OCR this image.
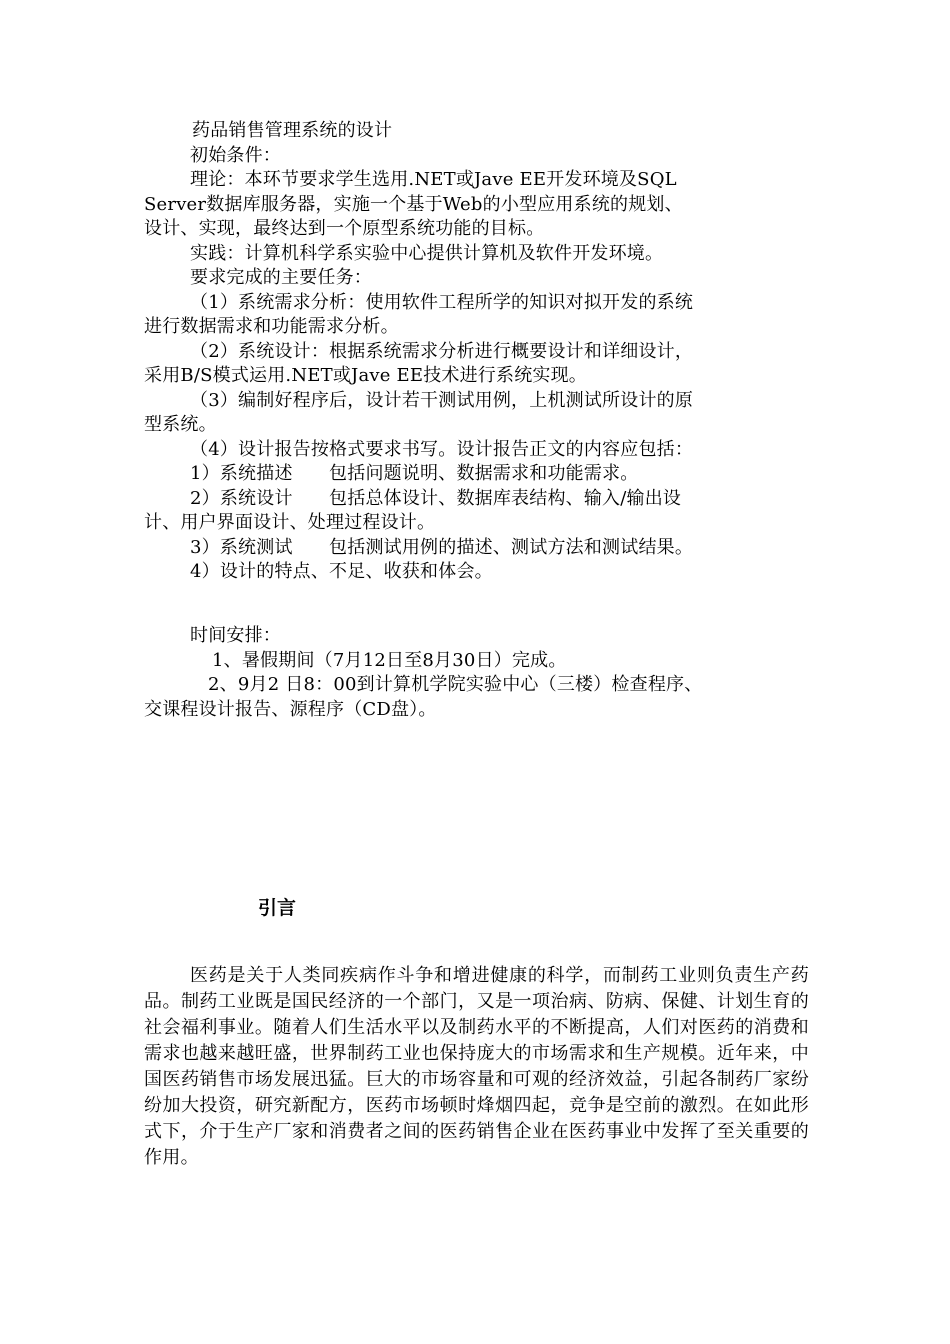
药品销售管理系统的设计
初始条件：
理论：本环节要求学生选用.NET或Jave EE开发环境及SQL
Server数据库服务器，实施一个基于Web的小型应用系统的规划、
设计、实现，最终达到一个原型系统功能的目标。
实践：计算机科学系实验中心提供计算机及软件开发环境。
要求完成的主要任务：
（1）系统需求分析：使用软件工程所学的知识对拟开发的系统
进行数据需求和功能需求分析。
（2）系统设计：根据系统需求分析进行概要设计和详细设计，
采用B/S模式运用.NET或Jave EE技术进行系统实现。
（3）编制好程序后，设计若干测试用例，上机测试所设计的原
型系统。
（4）设计报告按格式要求书写。设计报告正文的内容应包括：
1）系统描述　　包括问题说明、数据需求和功能需求。
2）系统设计　　包括总体设计、数据库表结构、输入/输出设
计、用户界面设计、处理过程设计。
3）系统测试　　包括测试用例的描述、测试方法和测试结果。
4）设计的特点、不足、收获和体会。
时间安排：
1、暑假期间（7月12日至8月30日）完成。
2、9月2 日8：00到计算机学院实验中心（三楼）检查程序、
交课程设计报告、源程序（CD盘）。
引言
医药是关于人类同疾病作斗争和增进健康的科学，而制药工业则负责生产药品。制药工业既是国民经济的一个部门，又是一项治病、防病、保健、计划生育的社会福利事业。随着人们生活水平以及制药水平的不断提高，人们对医药的消费和需求也越来越旺盛，世界制药工业也保持庞大的市场需求和生产规模。近年来，中国医药销售市场发展迅猛。巨大的市场容量和可观的经济效益，引起各制药厂家纷纷加大投资，研究新配方，医药市场顿时烽烟四起，竞争是空前的激烈。在如此形式下，介于生产厂家和消费者之间的医药销售企业在医药事业中发挥了至关重要的作用。
